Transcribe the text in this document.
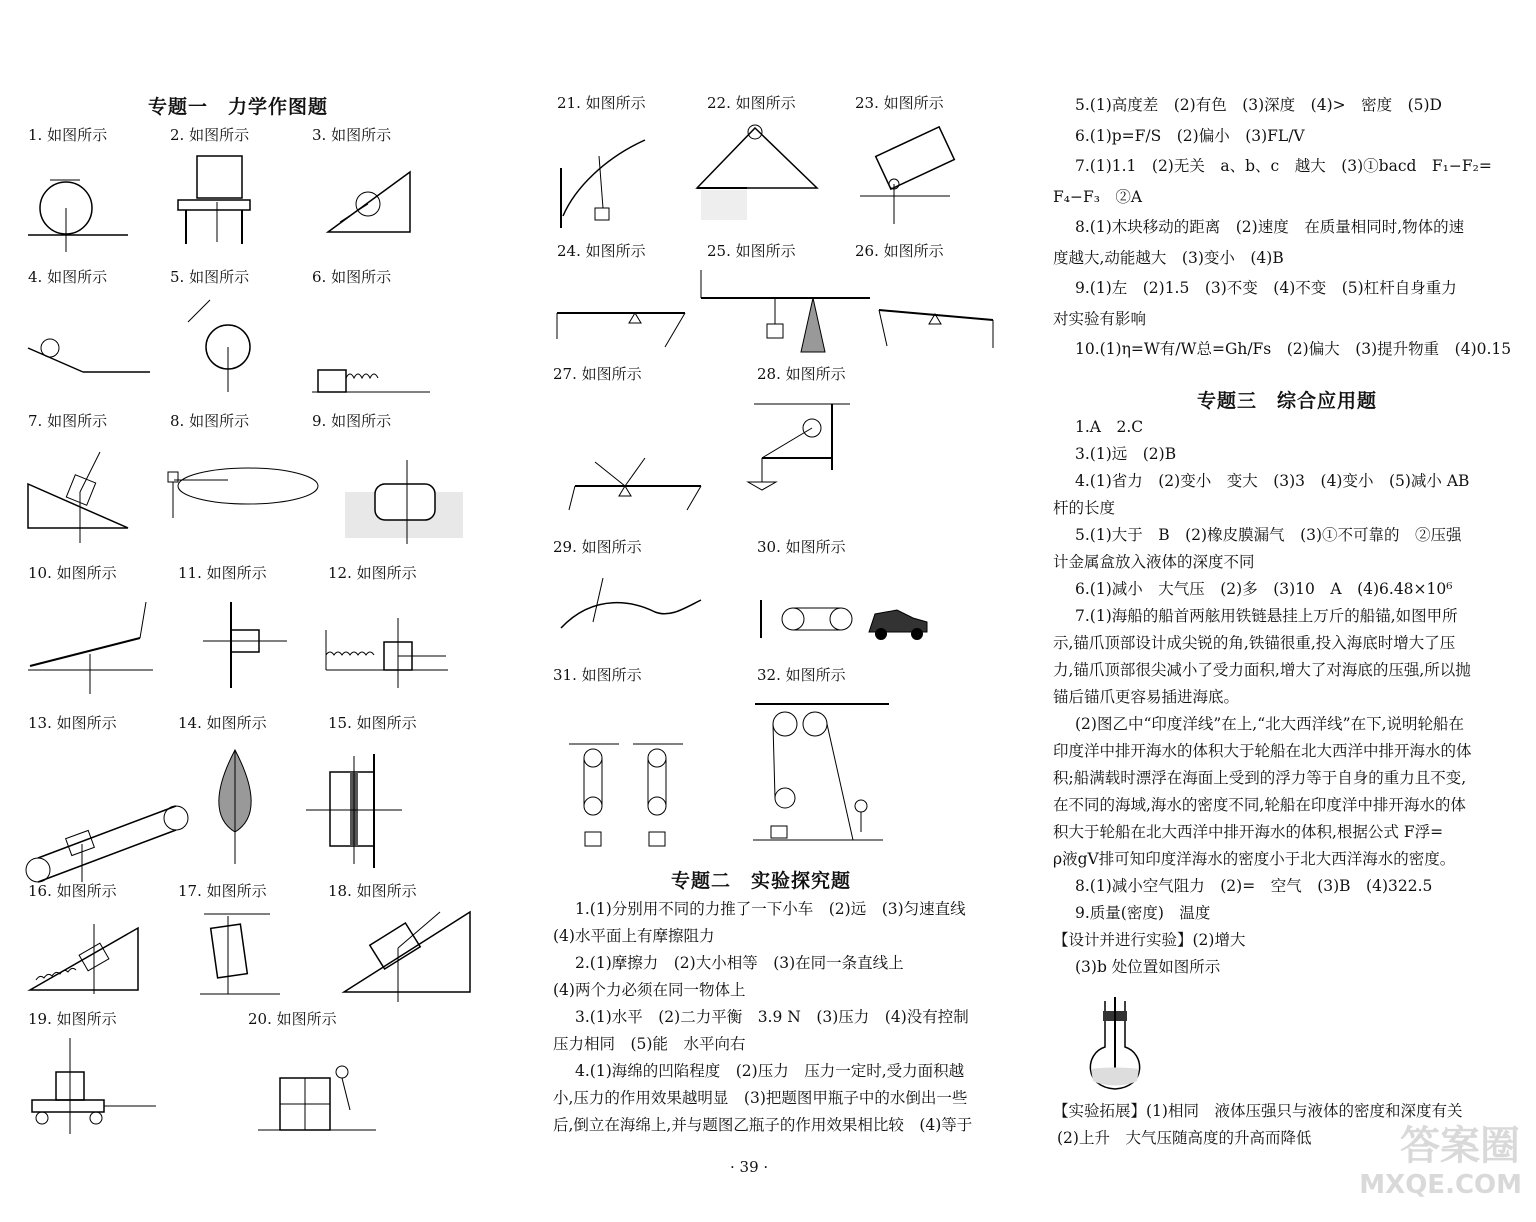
专题一　力学作图题
1. 如图所示	2. 如图所示	3. 如图所示
4. 如图所示	5. 如图所示	6. 如图所示
7. 如图所示	8. 如图所示	9. 如图所示
10. 如图所示	11. 如图所示	12. 如图所示
13. 如图所示	14. 如图所示	15. 如图所示
16. 如图所示	17. 如图所示	18. 如图所示
19. 如图所示	20. 如图所示
21. 如图所示	22. 如图所示	23. 如图所示
24. 如图所示	25. 如图所示	26. 如图所示
27. 如图所示	28. 如图所示
29. 如图所示	30. 如图所示
31. 如图所示	32. 如图所示
专题二　实验探究题

1.(1)分别用不同的力推了一下小车　(2)远　(3)匀速直线

(4)水平面上有摩擦阻力

2.(1)摩擦力　(2)大小相等　(3)在同一条直线上

(4)两个力必须在同一物体上

3.(1)水平　(2)二力平衡　3.9 N　(3)压力　(4)没有控制

压力相同　(5)能　水平向右

4.(1)海绵的凹陷程度　(2)压力　压力一定时,受力面积越

小,压力的作用效果越明显　(3)把题图甲瓶子中的水倒出一些

后,倒立在海绵上,并与题图乙瓶子的作用效果相比较　(4)等于

· 39 ·

5.(1)高度差　(2)有色　(3)深度　(4)>　密度　(5)D

6.(1)p=F/S　(2)偏小　(3)FL/V

7.(1)1.1　(2)无关　a、b、c　越大　(3)①bacd　F₁−F₂=

F₄−F₃　②A

8.(1)木块移动的距离　(2)速度　在质量相同时,物体的速

度越大,动能越大　(3)变小　(4)B

9.(1)左　(2)1.5　(3)不变　(4)不变　(5)杠杆自身重力

对实验有影响

10.(1)η=W有/W总=Gh/Fs　(2)偏大　(3)提升物重　(4)0.15

专题三　综合应用题

1.A　2.C

3.(1)远　(2)B

4.(1)省力　(2)变小　变大　(3)3　(4)变小　(5)减小 AB

杆的长度

5.(1)大于　B　(2)橡皮膜漏气　(3)①不可靠的　②压强

计金属盒放入液体的深度不同

6.(1)减小　大气压　(2)多　(3)10　A　(4)6.48×10⁶

7.(1)海船的船首两舷用铁链悬挂上万斤的船锚,如图甲所

示,锚爪顶部设计成尖锐的角,铁锚很重,投入海底时增大了压

力,锚爪顶部很尖减小了受力面积,增大了对海底的压强,所以抛

锚后锚爪更容易插进海底。

(2)图乙中“印度洋线”在上,“北大西洋线”在下,说明轮船在

印度洋中排开海水的体积大于轮船在北大西洋中排开海水的体

积;船满载时漂浮在海面上受到的浮力等于自身的重力且不变,

在不同的海域,海水的密度不同,轮船在印度洋中排开海水的体

积大于轮船在北大西洋中排开海水的体积,根据公式 F浮=

ρ液gV排可知印度洋海水的密度小于北大西洋海水的密度。

8.(1)减小空气阻力　(2)=　空气　(3)B　(4)322.5

9.质量(密度)　温度

【设计并进行实验】(2)增大

(3)b 处位置如图所示

【实验拓展】(1)相同　液体压强只与液体的密度和深度有关

(2)上升　大气压随高度的升高而降低	答案圈
MXQE.COM
